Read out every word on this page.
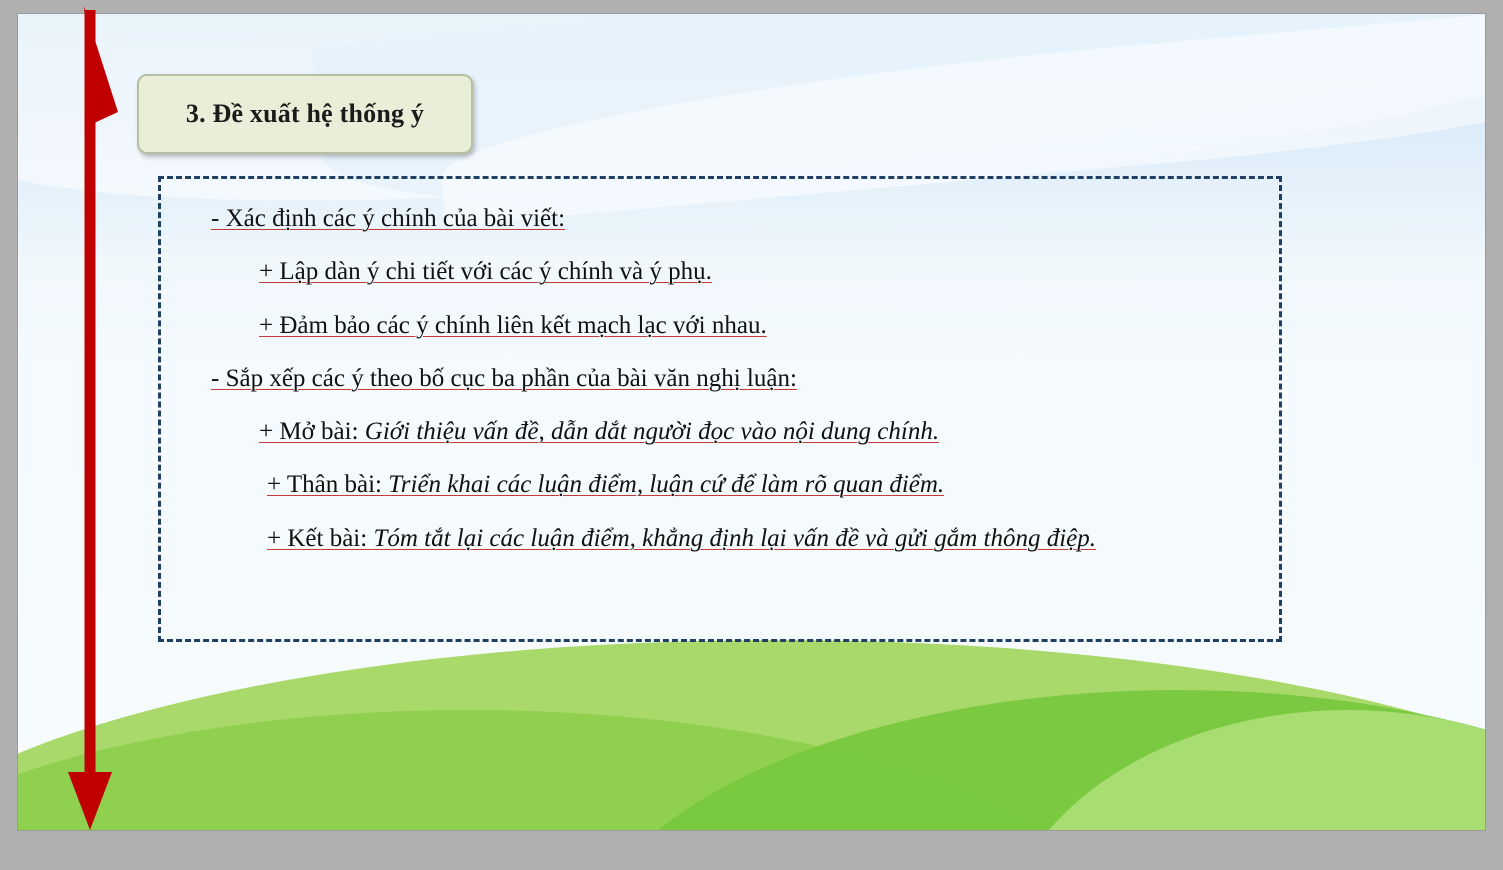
3. Đề xuất hệ thống ý
- Xác định các ý chính của bài viết:
+ Lập dàn ý chi tiết với các ý chính và ý phụ.
+ Đảm bảo các ý chính liên kết mạch lạc với nhau.
- Sắp xếp các ý theo bố cục ba phần của bài văn nghị luận:
+ Mở bài: Giới thiệu vấn đề, dẫn dắt người đọc vào nội dung chính.
+ Thân bài: Triển khai các luận điểm, luận cứ để làm rõ quan điểm.
+ Kết bài: Tóm tắt lại các luận điểm, khẳng định lại vấn đề và gửi gắm thông điệp.
